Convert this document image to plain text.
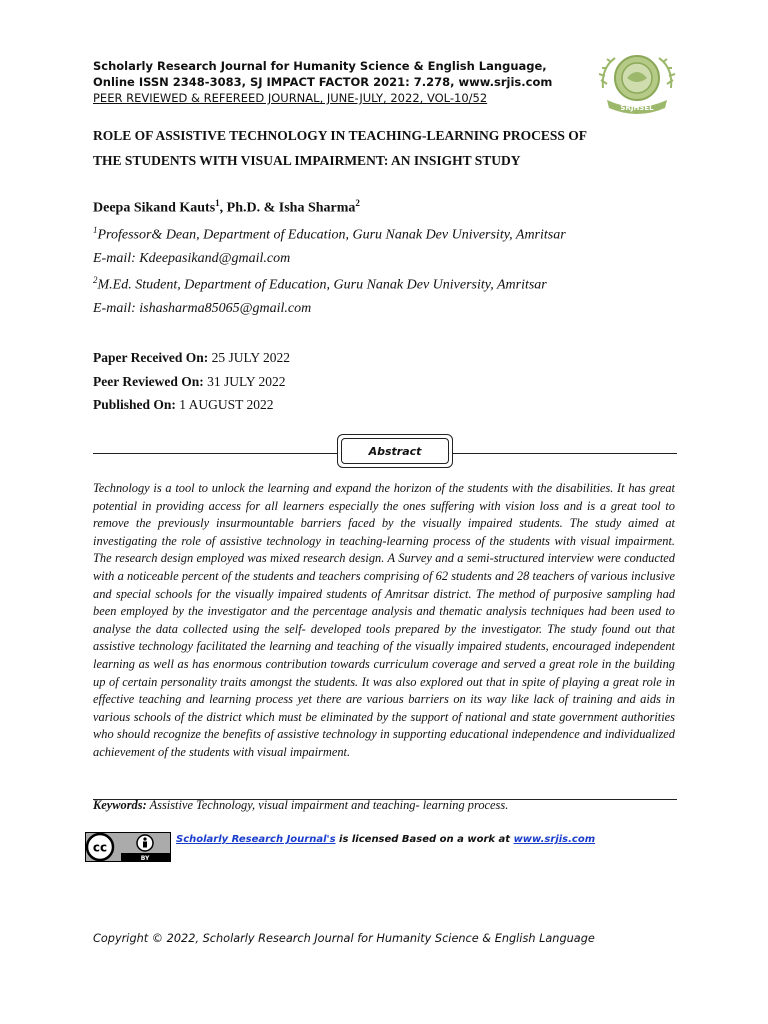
Scholarly Research Journal for Humanity Science & English Language,
Online ISSN 2348-3083, SJ IMPACT FACTOR 2021: 7.278, www.srjis.com
PEER REVIEWED & REFEREED JOURNAL, JUNE-JULY, 2022, VOL-10/52
SRJHSEL
ROLE OF ASSISTIVE TECHNOLOGY IN TEACHING-LEARNING PROCESS OF
THE STUDENTS WITH VISUAL IMPAIRMENT: AN INSIGHT STUDY
Deepa Sikand Kauts$^1$, Ph.D. & Isha Sharma$^2$
$^1$Professor& Dean, Department of Education, Guru Nanak Dev University, Amritsar
E-mail: Kdeepasikand@gmail.com
$^2$M.Ed. Student, Department of Education, Guru Nanak Dev University, Amritsar
E-mail: ishasharma85065@gmail.com
Paper Received On: 25 JULY 2022
Peer Reviewed On: 31 JULY 2022
Published On: 1 AUGUST 2022
Abstract
Technology is a tool to unlock the learning and expand the horizon of the students with the disabilities. It has great potential in providing access for all learners especially the ones suffering with vision loss and is a great tool to remove the previously insurmountable barriers faced by the visually impaired students. The study aimed at investigating the role of assistive technology in teaching-learning process of the students with visual impairment. The research design employed was mixed research design. A Survey and a semi-structured interview were conducted with a noticeable percent of the students and teachers comprising of 62 students and 28 teachers of various inclusive and special schools for the visually impaired students of Amritsar district. The method of purposive sampling had been employed by the investigator and the percentage analysis and thematic analysis techniques had been used to analyse the data collected using the self- developed tools prepared by the investigator. The study found out that assistive technology facilitated the learning and teaching of the visually impaired students, encouraged independent learning as well as has enormous contribution towards curriculum coverage and served a great role in the building up of certain personality traits amongst the students. It was also explored out that in spite of playing a great role in effective teaching and learning process yet there are various barriers on its way like lack of training and aids in various schools of the district which must be eliminated by the support of national and state government authorities who should recognize the benefits of assistive technology in supporting educational independence and individualized achievement of the students with visual impairment.
Keywords: Assistive Technology, visual impairment and teaching- learning process.
cc
BY
Scholarly Research Journal's is licensed Based on a work at www.srjis.com
Copyright © 2022, Scholarly Research Journal for Humanity Science & English Language
